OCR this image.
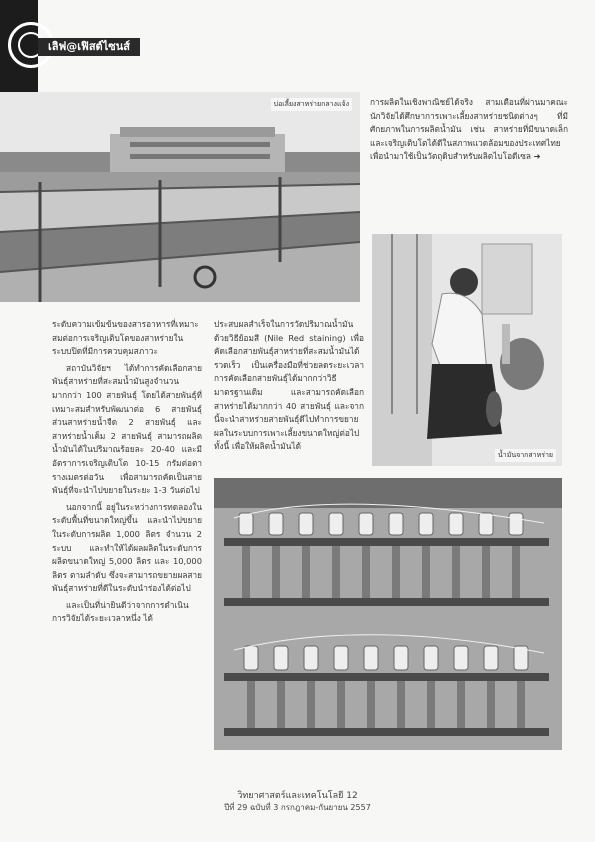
เลิฟ@เฟิสต์ไซนส์
บ่อเลี้ยงสาหร่ายกลางแจ้ง	การผลิตในเชิงพาณิชย์ได้จริง สามเดือนที่ผ่านมาคณะนักวิจัยได้ศึกษาการเพาะเลี้ยงสาหร่ายชนิดต่างๆ ที่มีศักยภาพในการผลิตน้ำมัน เช่น สาหร่ายที่มีขนาดเล็ก และเจริญเติบโตได้ดีในสภาพแวดล้อมของประเทศไทย เพื่อนำมาใช้เป็นวัตถุดิบสำหรับผลิตไบโอดีเซล ➜

น้ำมันจากสาหร่าย

ระดับความเข้มข้นของสารอาหารที่เหมาะสมต่อการเจริญเติบโตของสาหร่ายในระบบปิดที่มีการควบคุมสภาวะ

สถาบันวิจัยฯ ได้ทำการคัดเลือกสายพันธุ์สาหร่ายที่สะสมน้ำมันสูงจำนวนมากกว่า 100 สายพันธุ์ โดยได้สายพันธุ์ที่เหมาะสมสำหรับพัฒนาต่อ 6 สายพันธุ์ ส่วนสาหร่ายน้ำจืด 2 สายพันธุ์ และสาหร่ายน้ำเค็ม 2 สายพันธุ์ สามารถผลิตน้ำมันได้ในปริมาณร้อยละ 20-40 และมีอัตราการเจริญเติบโต 10-15 กรัมต่อตารางเมตรต่อวัน เพื่อสามารถคัดเป็นสายพันธุ์ที่จะนำไปขยายในระยะ 1-3 วันต่อไป

นอกจากนี้ อยู่ในระหว่างการทดลองในระดับพื้นที่ขนาดใหญ่ขึ้น และนำไปขยายในระดับการผลิต 1,000 ลิตร จำนวน 2 ระบบ และทำให้ได้ผลผลิตในระดับการผลิตขนาดใหญ่ 5,000 ลิตร และ 10,000 ลิตร ตามลำดับ ซึ่งจะสามารถขยายผลสายพันธุ์สาหร่ายที่ดีในระดับนำร่องได้ต่อไป

และเป็นที่น่ายินดีว่าจากการดำเนินการวิจัยได้ระยะเวลาหนึ่ง ได้

ประสบผลสำเร็จในการวัดปริมาณน้ำมันด้วยวิธีย้อมสี (Nile Red staining) เพื่อคัดเลือกสายพันธุ์สาหร่ายที่สะสมน้ำมันได้รวดเร็ว เป็นเครื่องมือที่ช่วยลดระยะเวลาการคัดเลือกสายพันธุ์ได้มากกว่าวิธีมาตรฐานเดิม และสามารถคัดเลือกสาหร่ายได้มากกว่า 40 สายพันธุ์ และจากนี้จะนำสาหร่ายสายพันธุ์ดีไปทำการขยายผลในระบบการเพาะเลี้ยงขนาดใหญ่ต่อไป ทั้งนี้ เพื่อให้ผลิตน้ำมันได้

วิทยาศาสตร์และเทคโนโลยี 12
ปีที่ 29 ฉบับที่ 3 กรกฎาคม-กันยายน 2557
